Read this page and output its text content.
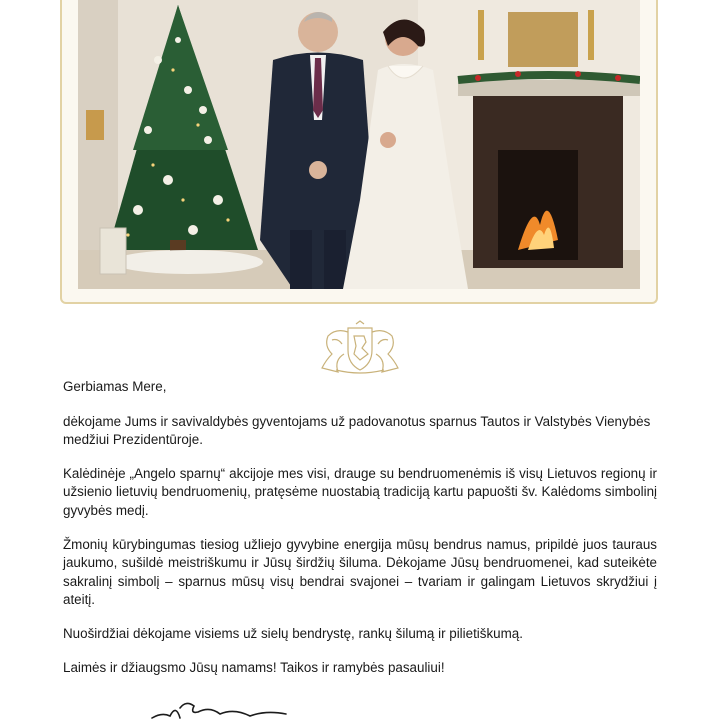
Gerbiamas Mere,

dėkojame Jums ir savivaldybės gyventojams už padovanotus sparnus Tautos ir Valstybės Vienybės medžiui Prezidentūroje.

Kalėdinėje „Angelo sparnų“ akcijoje mes visi, drauge su bendruomenėmis iš visų Lietuvos regionų ir užsienio lietuvių bendruomenių, pratęsėme nuostabią tradiciją kartu papuošti šv. Kalėdoms simbolinį gyvybės medį.

Žmonių kūrybingumas tiesiog užliejo gyvybine energija mūsų bendrus namus, pripildė juos tauraus jaukumo, sušildė meistriškumu ir Jūsų širdžių šiluma. Dėkojame Jūsų bendruomenei, kad suteikėte sakralinį simbolį – sparnus mūsų visų bendrai svajonei – tvariam ir galingam Lietuvos skrydžiui į ateitį.

Nuoširdžiai dėkojame visiems už sielų bendrystę, rankų šilumą ir pilietiškumą.

Laimės ir džiaugsmo Jūsų namams! Taikos ir ramybės pasauliui!
